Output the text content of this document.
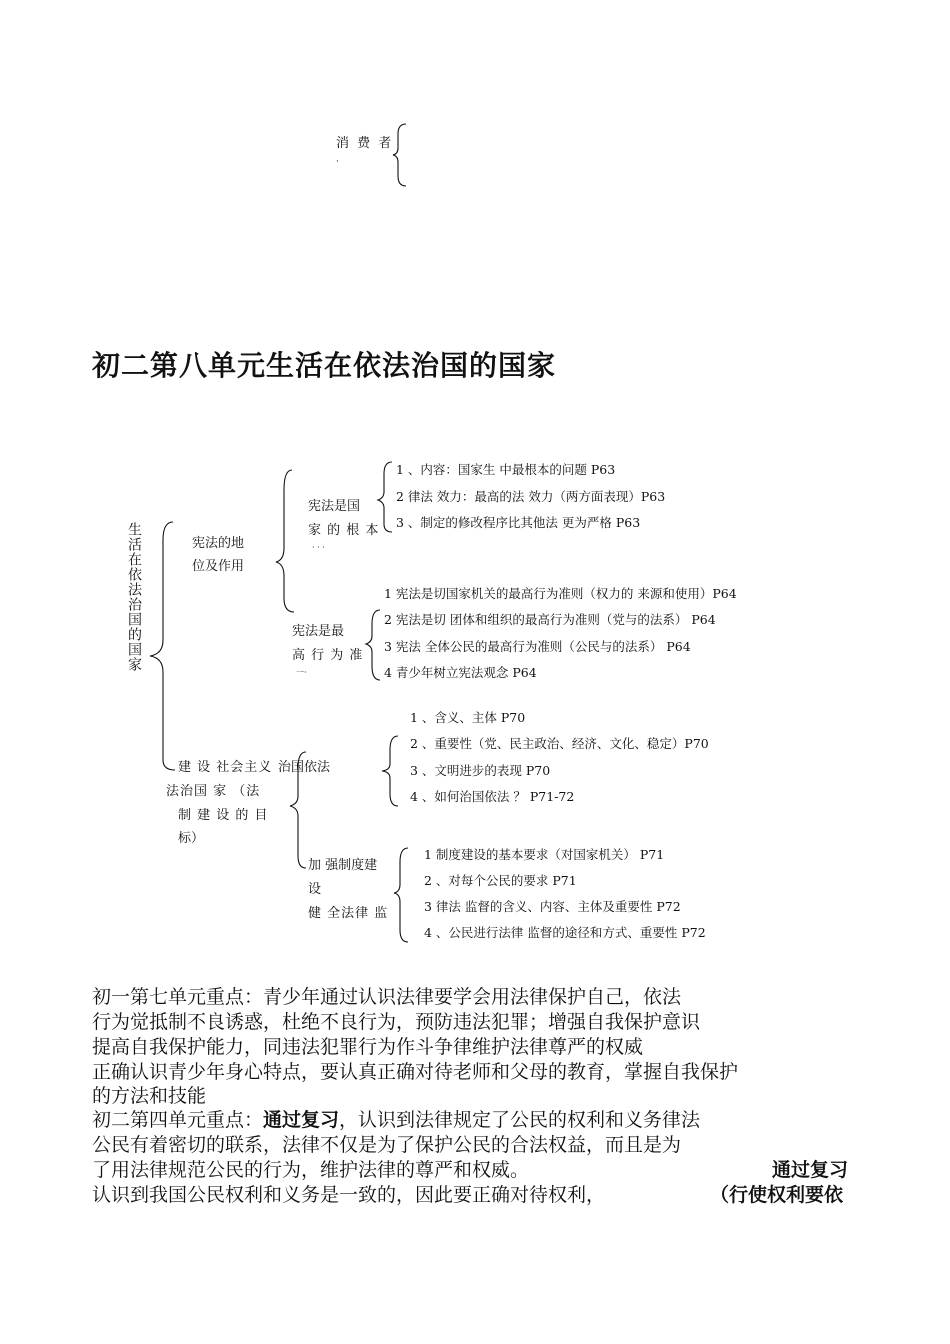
消 费 者
·
初二第八单元生活在依法治国的国家
生活在依法治国的国家	宪法的地
位及作用
宪法是国
家 的 根 本
· · ·
1 、内容：国家生 中最根本的问题 P63
2 律法 效力：最高的法 效力（两方面表现）P63
3 、制定的修改程序比其他法 更为严格 P63
宪法是最
高 行 为 准
一·
1 宪法是切国家机关的最高行为准则（权力的 来源和使用）P64
2 宪法是切 团体和组织的最高行为准则（党与的法系） P64
3 宪法 全体公民的最高行为准则（公民与的法系） P64
4 青少年树立宪法观念 P64
建 设 社会主义
法治国 家 （法
制 建 设 的 目
标）
治国依法
1 、含义、主体 P70
2 、重要性（党、民主政治、经济、文化、稳定）P70
3 、文明进步的表现 P70
4 、如何治国依法 ？ P71-72
加 强制度建
设
健 全法律 监
1 制度建设的基本要求（对国家机关） P71
2 、对每个公民的要求 P71
3 律法 监督的含义、内容、主体及重要性 P72
4 、公民进行法律 监督的途径和方式、重要性 P72
初一第七单元重点：青少年通过认识法律要学会用法律保护自己，依法
行为觉抵制不良诱惑，杜绝不良行为，预防违法犯罪；增强自我保护意识
提高自我保护能力，同违法犯罪行为作斗争律维护法律尊严的权威
正确认识青少年身心特点，要认真正确对待老师和父母的教育，掌握自我保护
的方法和技能
初二第四单元重点：通过复习，认识到法律规定了公民的权利和义务律法
公民有着密切的联系，法律不仅是为了保护公民的合法权益，而且是为
了用法律规范公民的行为，维护法律的尊严和权威。	通过复习
认识到我国公民权利和义务是一致的，因此要正确对待权利，	（行使权利要依
